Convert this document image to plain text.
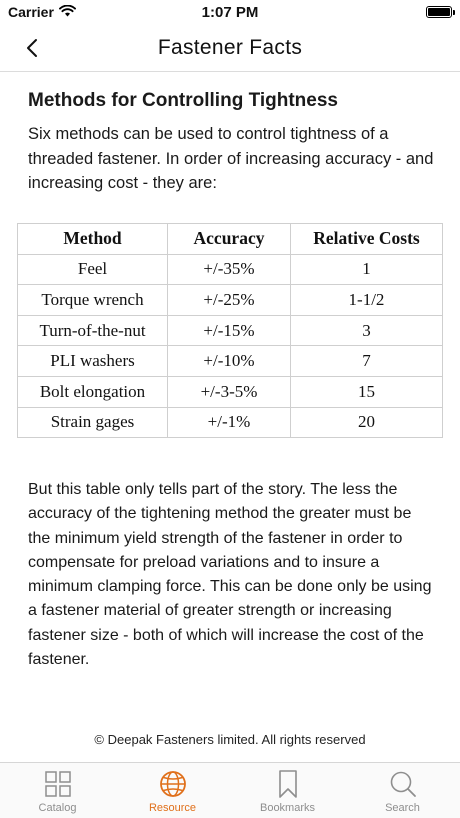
Carrier	1:07 PM
Fastener Facts
Methods for Controlling Tightness
Six methods can be used to control tightness of a threaded fastener. In order of increasing accuracy - and increasing cost - they are:
Method	Accuracy	Relative Costs
Feel	+/-35%	1
Torque wrench	+/-25%	1-1/2
Turn-of-the-nut	+/-15%	3
PLI washers	+/-10%	7
Bolt elongation	+/-3-5%	15
Strain gages	+/-1%	20
But this table only tells part of the story. The less the accuracy of the tightening method the greater must be the minimum yield strength of the fastener in order to compensate for preload variations and to insure a minimum clamping force. This can be done only be using a fastener material of greater strength or increasing fastener size - both of which will increase the cost of the fastener.
© Deepak Fasteners limited. All rights reserved
Catalog	Resource	Bookmarks	Search
